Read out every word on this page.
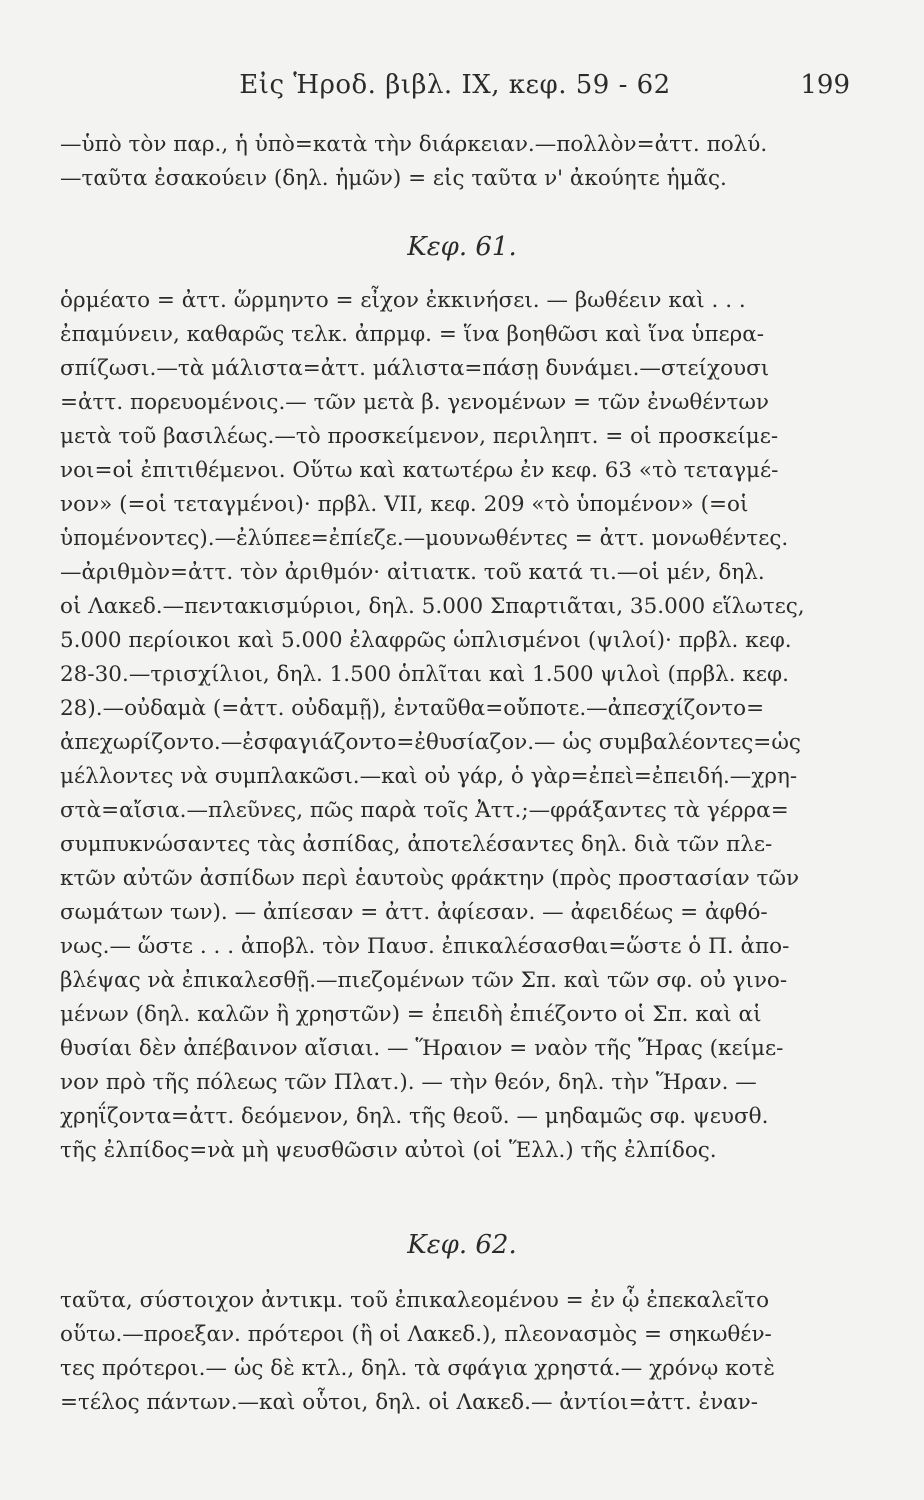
Εἰς Ἡροδ. βιβλ. IX, κεφ. 59 - 62	199
—ὑπὸ τὸν παρ., ἡ ὑπὸ=κατὰ τὴν διάρκειαν.—πολλὸν=ἀττ. πολύ.
—ταῦτα ἐσακούειν (δηλ. ἡμῶν) = εἰς ταῦτα ν' ἀκούητε ἡμᾶς.
Κεφ. 61.
ὁρμέατο = ἀττ. ὥρμηντο = εἶχον ἐκκινήσει. — βωθέειν καὶ . . .
ἐπαμύνειν, καθαρῶς τελκ. ἀπρμφ. = ἵνα βοηθῶσι καὶ ἵνα ὑπερα-
σπίζωσι.—τὰ μάλιστα=ἀττ. μάλιστα=πάσῃ δυνάμει.—στείχουσι
=ἀττ. πορευομένοις.— τῶν μετὰ β. γενομένων = τῶν ἐνωθέντων
μετὰ τοῦ βασιλέως.—τὸ προσκείμενον, περιληπτ. = οἱ προσκείμε-
νοι=οἱ ἐπιτιθέμενοι. Οὕτω καὶ κατωτέρω ἐν κεφ. 63 «τὸ τεταγμέ-
νον» (=οἱ τεταγμένοι)· πρβλ. VII, κεφ. 209 «τὸ ὑπομένον» (=οἱ
ὑπομένοντες).—ἐλύπεε=ἐπίεζε.—μουνωθέντες = ἀττ. μονωθέντες.
—ἀριθμὸν=ἀττ. τὸν ἀριθμόν· αἰτιατκ. τοῦ κατά τι.—οἱ μέν, δηλ.
οἱ Λακεδ.—πεντακισμύριοι, δηλ. 5.000 Σπαρτιᾶται, 35.000 εἵλωτες,
5.000 περίοικοι καὶ 5.000 ἐλαφρῶς ὡπλισμένοι (ψιλοί)· πρβλ. κεφ.
28-30.—τρισχίλιοι, δηλ. 1.500 ὁπλῖται καὶ 1.500 ψιλοὶ (πρβλ. κεφ.
28).—οὐδαμὰ (=ἀττ. οὐδαμῇ), ἐνταῦθα=οὔποτε.—ἀπεσχίζοντο=
ἀπεχωρίζοντο.—ἐσφαγιάζοντο=ἐθυσίαζον.— ὡς συμβαλέοντες=ὡς
μέλλοντες νὰ συμπλακῶσι.—καὶ οὐ γάρ, ὁ γὰρ=ἐπεὶ=ἐπειδή.—χρη-
στὰ=αἴσια.—πλεῦνες, πῶς παρὰ τοῖς Ἀττ.;—φράξαντες τὰ γέρρα=
συμπυκνώσαντες τὰς ἀσπίδας, ἀποτελέσαντες δηλ. διὰ τῶν πλε-
κτῶν αὐτῶν ἀσπίδων περὶ ἑαυτοὺς φράκτην (πρὸς προστασίαν τῶν
σωμάτων των). — ἀπίεσαν = ἀττ. ἀφίεσαν. — ἀφειδέως = ἀφθό-
νως.— ὥστε . . . ἀποβλ. τὸν Παυσ. ἐπικαλέσασθαι=ὥστε ὁ Π. ἀπο-
βλέψας νὰ ἐπικαλεσθῇ.—πιεζομένων τῶν Σπ. καὶ τῶν σφ. οὐ γινο-
μένων (δηλ. καλῶν ἢ χρηστῶν) = ἐπειδὴ ἐπιέζοντο οἱ Σπ. καὶ αἱ
θυσίαι δὲν ἀπέβαινον αἴσιαι. — Ἥραιον = ναὸν τῆς Ἥρας (κείμε-
νον πρὸ τῆς πόλεως τῶν Πλατ.). — τὴν θεόν, δηλ. τὴν Ἥραν. —
χρηΐζοντα=ἀττ. δεόμενον, δηλ. τῆς θεοῦ. — μηδαμῶς σφ. ψευσθ.
τῆς ἐλπίδος=νὰ μὴ ψευσθῶσιν αὐτοὶ (οἱ Ἕλλ.) τῆς ἐλπίδος.
Κεφ. 62.
ταῦτα, σύστοιχον ἀντικμ. τοῦ ἐπικαλεομένου = ἐν ᾧ ἐπεκαλεῖτο
οὕτω.—προεξαν. πρότεροι (ἢ οἱ Λακεδ.), πλεονασμὸς = σηκωθέν-
τες πρότεροι.— ὡς δὲ κτλ., δηλ. τὰ σφάγια χρηστά.— χρόνῳ κοτὲ
=τέλος πάντων.—καὶ οὗτοι, δηλ. οἱ Λακεδ.— ἀντίοι=ἀττ. ἐναν-
